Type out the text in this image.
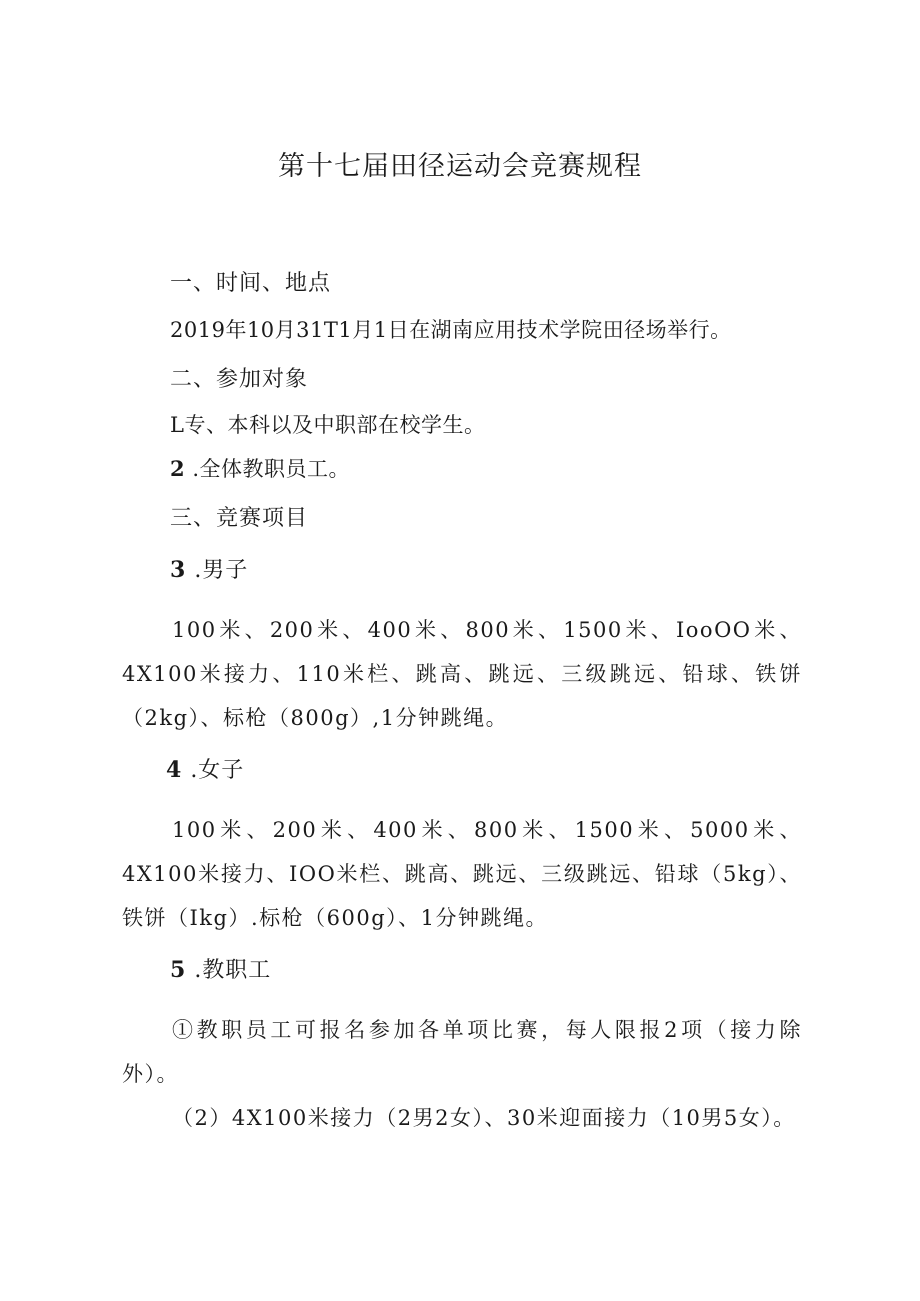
第十七届田径运动会竞赛规程
一、时间、地点
2019年10月31T1月1日在湖南应用技术学院田径场举行。
二、参加对象
L专、本科以及中职部在校学生。
2 .全体教职员工。
三、竞赛项目
3 .男子
100米、200米、400米、800米、1500米、IooOO米、4X100米接力、110米栏、跳高、跳远、三级跳远、铅球、铁饼（2kg）、标枪（800g）,1分钟跳绳。
4 .女子
100米、200米、400米、800米、1500米、5000米、4X100米接力、IOO米栏、跳高、跳远、三级跳远、铅球（5kg）、铁饼（Ikg）.标枪（600g）、1分钟跳绳。
5 .教职工
①教职员工可报名参加各单项比赛，每人限报2项（接力除外）。
（2）4X100米接力（2男2女）、30米迎面接力（10男5女）。
